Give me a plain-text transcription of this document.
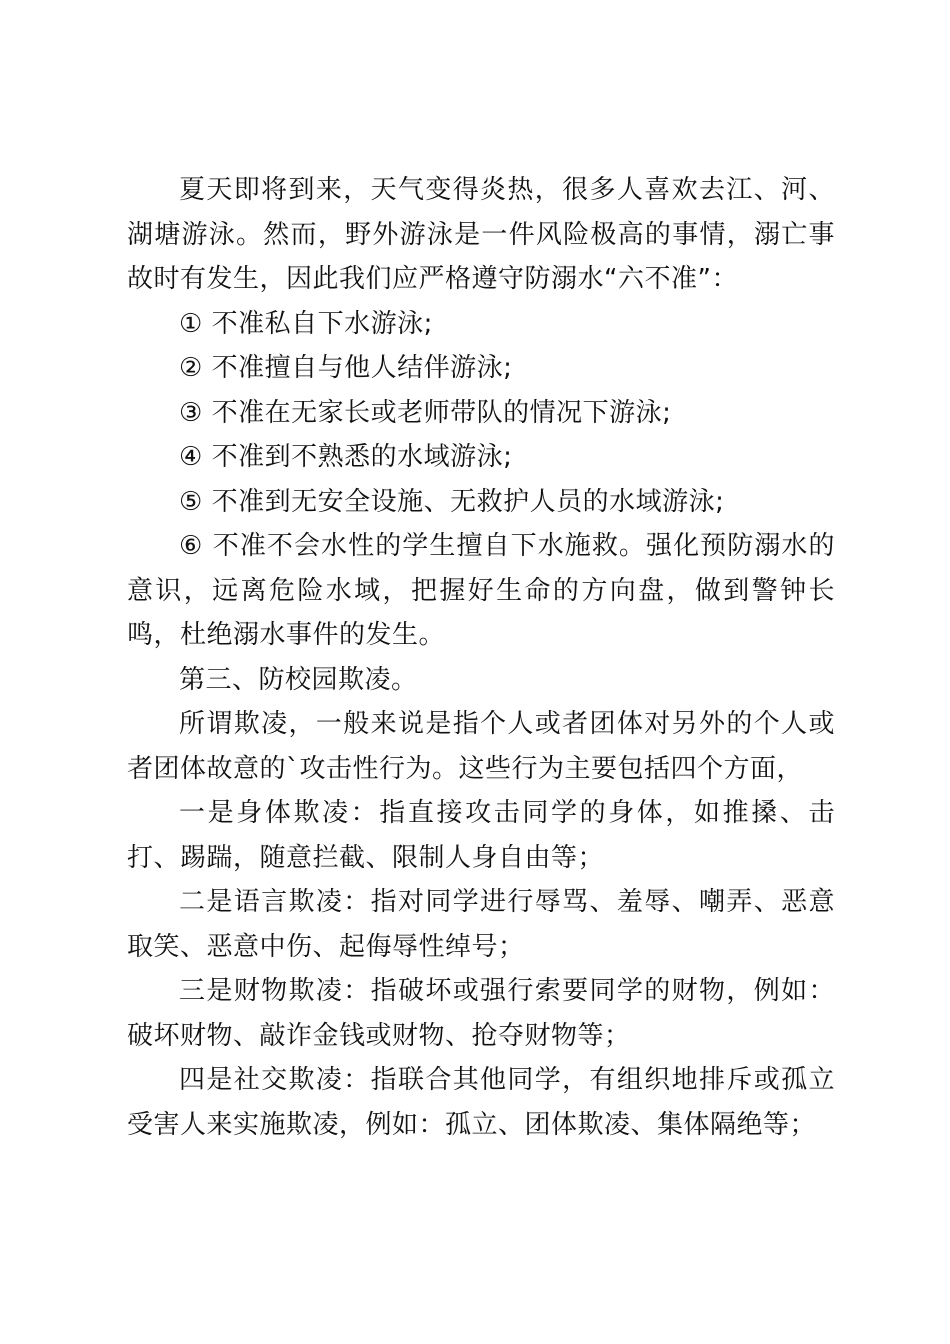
夏天即将到来，天气变得炎热，很多人喜欢去江、河、湖塘游泳。然而，野外游泳是一件风险极高的事情，溺亡事故时有发生，因此我们应严格遵守防溺水“六不准”：

① 不准私自下水游泳;

② 不准擅自与他人结伴游泳;

③ 不准在无家长或老师带队的情况下游泳;

④ 不准到不熟悉的水域游泳;

⑤ 不准到无安全设施、无救护人员的水域游泳;

⑥ 不准不会水性的学生擅自下水施救。强化预防溺水的意识，远离危险水域，把握好生命的方向盘，做到警钟长鸣，杜绝溺水事件的发生。

第三、防校园欺凌。

所谓欺凌，一般来说是指个人或者团体对另外的个人或者团体故意的`攻击性行为。这些行为主要包括四个方面，

一是身体欺凌：指直接攻击同学的身体，如推搡、击打、踢踹，随意拦截、限制人身自由等；

二是语言欺凌：指对同学进行辱骂、羞辱、嘲弄、恶意取笑、恶意中伤、起侮辱性绰号；

三是财物欺凌：指破坏或强行索要同学的财物，例如：破坏财物、敲诈金钱或财物、抢夺财物等；

四是社交欺凌：指联合其他同学，有组织地排斥或孤立受害人来实施欺凌，例如：孤立、团体欺凌、集体隔绝等；
